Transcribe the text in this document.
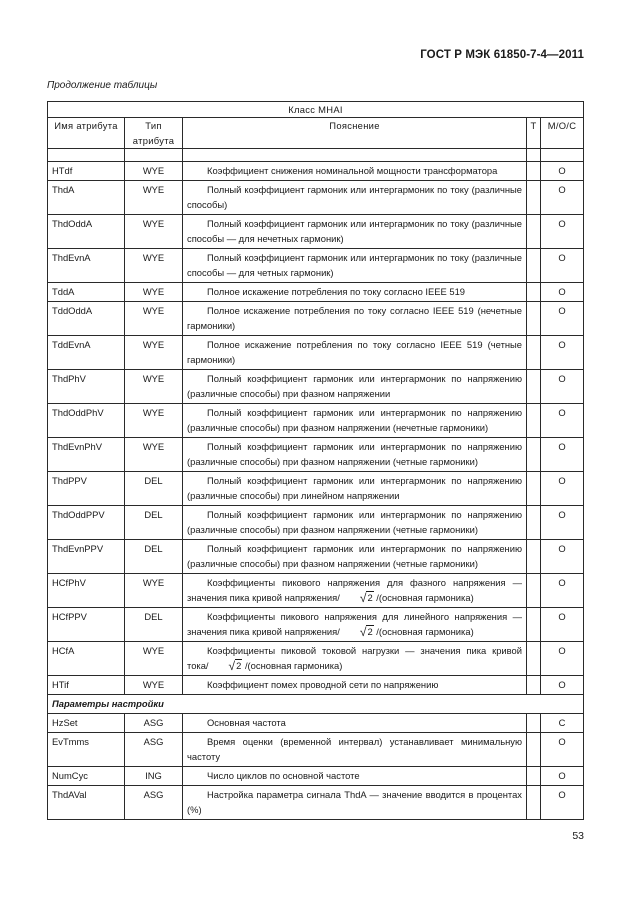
ГОСТ Р МЭК 61850-7-4—2011
Продолжение таблицы
Класс MHAI				
Имя атрибута	Тип атрибута	Пояснение	Т	М/О/С

HTdf	WYE	Коэффициент снижения номинальной мощности трансформатора		O
ThdA	WYE	Полный коэффициент гармоник или интергармоник по току (различные способы)		O
ThdOddA	WYE	Полный коэффициент гармоник или интергармоник по току (различные способы — для нечетных гармоник)		O
ThdEvnA	WYE	Полный коэффициент гармоник или интергармоник по току (различные способы — для четных гармоник)		O
TddA	WYE	Полное искажение потребления по току согласно IEEE 519		O
TddOddA	WYE	Полное искажение потребления по току согласно IEEE 519 (нечетные гармоники)		O
TddEvnA	WYE	Полное искажение потребления по току согласно IEEE 519 (четные гармоники)		O
ThdPhV	WYE	Полный коэффициент гармоник или интергармоник по напряжению (различные способы) при фазном напряжении		O
ThdOddPhV	WYE	Полный коэффициент гармоник или интергармоник по напряжению (различные способы) при фазном напряжении (нечетные гармоники)		O
ThdEvnPhV	WYE	Полный коэффициент гармоник или интергармоник по напряжению (различные способы) при фазном напряжении (четные гармоники)		O
ThdPPV	DEL	Полный коэффициент гармоник или интергармоник по напряжению (различные способы) при линейном напряжении		O
ThdOddPPV	DEL	Полный коэффициент гармоник или интергармоник по напряжению (различные способы) при фазном напряжении (четные гармоники)		O
ThdEvnPPV	DEL	Полный коэффициент гармоник или интергармоник по напряжению (различные способы) при фазном напряжении (четные гармоники)		O
HCfPhV	WYE	Коэффициенты пикового напряжения для фазного напряжения — значения пика кривой напряжения/ √2 /(основная гармоника)		O
HCfPPV	DEL	Коэффициенты пикового напряжения для линейного напряжения — значения пика кривой напряжения/ √2 /(основная гармоника)		O
HCfA	WYE	Коэффициенты пиковой токовой нагрузки — значения пика кривой тока/ √2 /(основная гармоника)		O
HTif	WYE	Коэффициент помех проводной сети по напряжению		O
Параметры настройки				
HzSet	ASG	Основная частота		C
EvTmms	ASG	Время оценки (временной интервал) устанавливает минимальную частоту		O
NumCyc	ING	Число циклов по основной частоте		O
ThdAVal	ASG	Настройка параметра сигнала ThdA — значение вводится в процентах (%)		O
53
